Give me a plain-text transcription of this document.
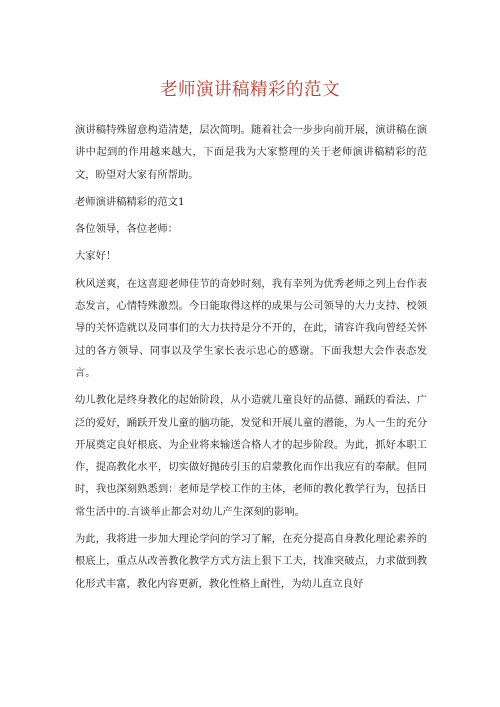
老师演讲稿精彩的范文

演讲稿特殊留意构造清楚，层次简明。随着社会一步步向前开展，演讲稿在演讲中起到的作用越来越大，下面是我为大家整理的关于老师演讲稿精彩的范文，盼望对大家有所帮助。

老师演讲稿精彩的范文1

各位领导，各位老师：

大家好！

秋风送爽，在这喜迎老师佳节的奇妙时刻，我有幸列为优秀老师之列上台作表态发言，心情特殊激烈。今日能取得这样的成果与公司领导的大力支持、校领导的关怀造就以及同事们的大力扶持是分不开的，在此，请容许我向曾经关怀过的各方领导、同事以及学生家长表示忠心的感谢。下面我想大会作表态发言。

幼儿教化是终身教化的起始阶段，从小造就儿童良好的品德、踊跃的看法、广泛的爱好，踊跃开发儿童的脑功能，发觉和开展儿童的潜能，为人一生的充分开展奠定良好根底、为企业将来输送合格人才的起步阶段。为此，抓好本职工作，提高教化水平，切实做好抛砖引玉的启蒙教化而作出我应有的奉献。但同时，我也深刻熟悉到：老师是学校工作的主体，老师的教化教学行为，包括日常生活中的.言谈举止都会对幼儿产生深刻的影响。

为此，我将进一步加大理论学问的学习了解，在充分提高自身教化理论素养的根底上，重点从改善教化教学方式方法上狠下工夫，找准突破点，力求做到教化形式丰富，教化内容更新，教化性格上耐性，为幼儿直立良好
